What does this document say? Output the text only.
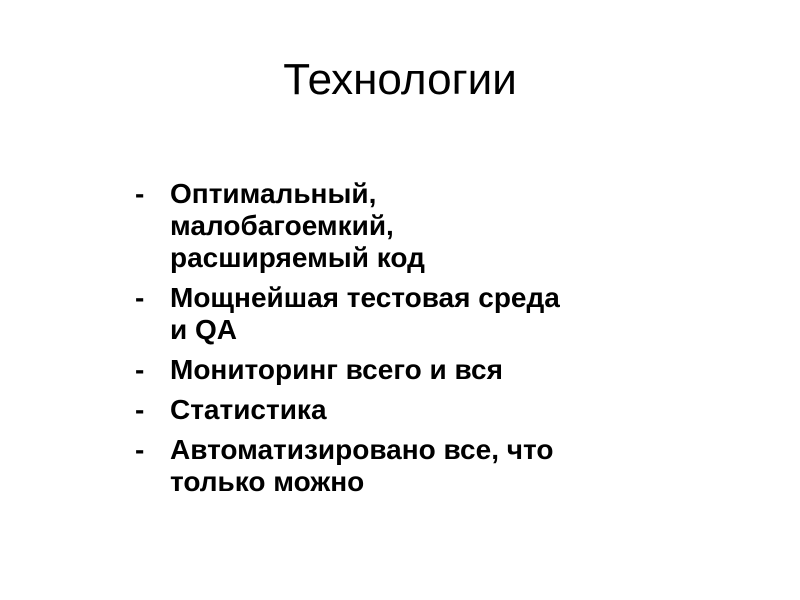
Технологии
- Оптимальный,
малобагоемкий,
расширяемый код
- Мощнейшая тестовая среда
и QA
- Мониторинг всего и вся
- Статистика
- Автоматизировано все, что
только можно
